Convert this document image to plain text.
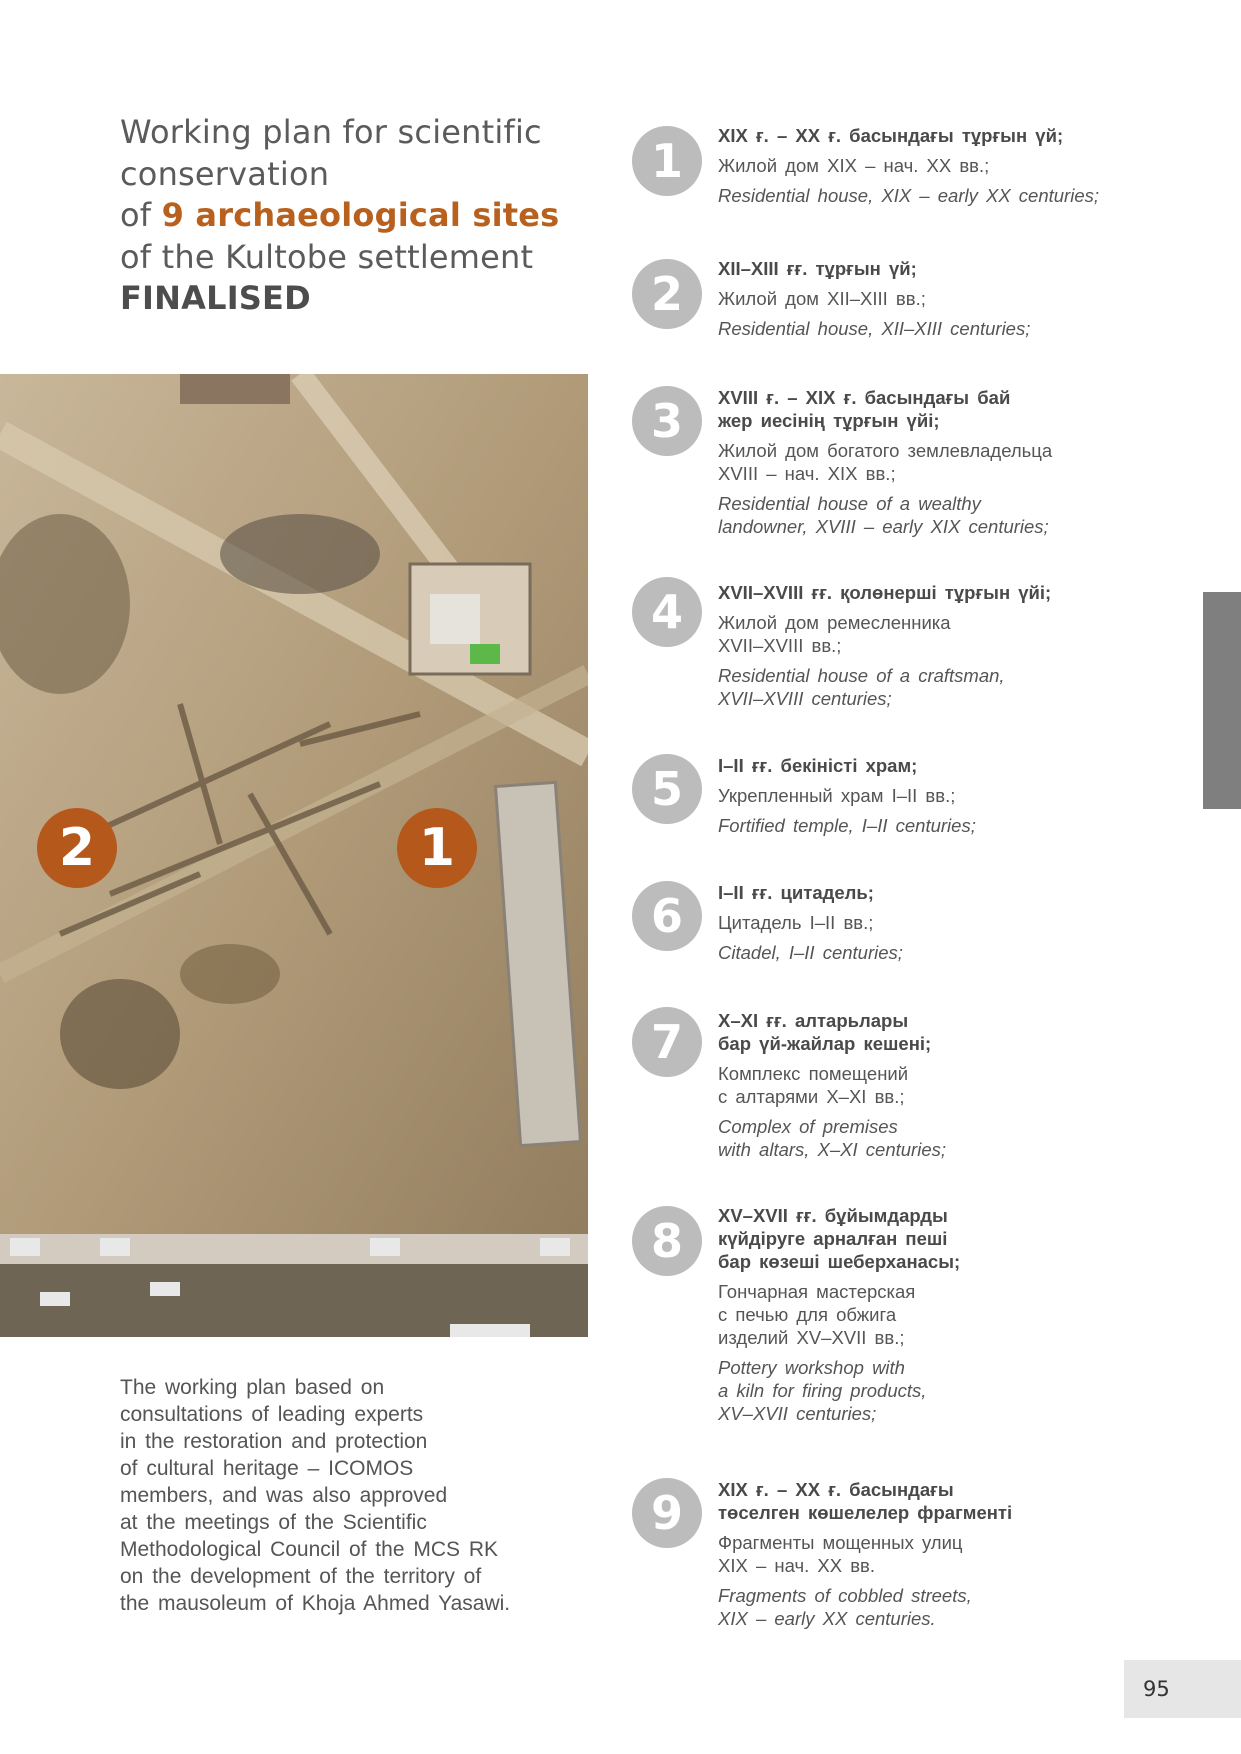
Working plan for scientific
conservation
of 9 archaeological sites
of the Kultobe settlement
FINALISED
2	1
The working plan based on
consultations of leading experts
in the restoration and protection
of cultural heritage – ICOMOS
members, and was also approved
at the meetings of the Scientific
Methodological Council of the MCS RK
on the development of the territory of
the mausoleum of Khoja Ahmed Yasawi.
1	XIX ғ. – XX ғ. басындағы тұрғын үй;
Жилой дом XIX – нач. XX вв.;
Residential house, XIX – early XX centuries;
2	XII–XIII ғғ. тұрғын үй;
Жилой дом XII–XIII вв.;
Residential house, XII–XIII centuries;
3	XVIII ғ. – XIX ғ. басындағы бай
жер иесінің тұрғын үйі;
Жилой дом богатого землевладельца
XVIII – нач. XIX вв.;
Residential house of a wealthy
landowner, XVIII – early XIX centuries;
4	XVII–XVIII ғғ. қолөнерші тұрғын үйі;
Жилой дом ремесленника
XVII–XVIII вв.;
Residential house of a craftsman,
XVII–XVIII centuries;
5	I–II ғғ. бекіністі храм;
Укрепленный храм I–II вв.;
Fortified temple, I–II centuries;
6	I–II ғғ. цитадель;
Цитадель I–II вв.;
Citadel, I–II centuries;
7	X–XI ғғ. алтарьлары
бар үй-жайлар кешені;
Комплекс помещений
с алтарями X–XI вв.;
Complex of premises
with altars, X–XI centuries;
8	XV–XVII ғғ. бұйымдарды
күйдіруге арналған пеші
бар көзеші шеберханасы;
Гончарная мастерская
с печью для обжига
изделий XV–XVII вв.;
Pottery workshop with
a kiln for firing products,
XV–XVII centuries;
9	XIX ғ. – XX ғ. басындағы
төселген көшелелер фрагменті
Фрагменты мощенных улиц
XIX – нач. XX вв.
Fragments of cobbled streets,
XIX – early XX centuries.
95
